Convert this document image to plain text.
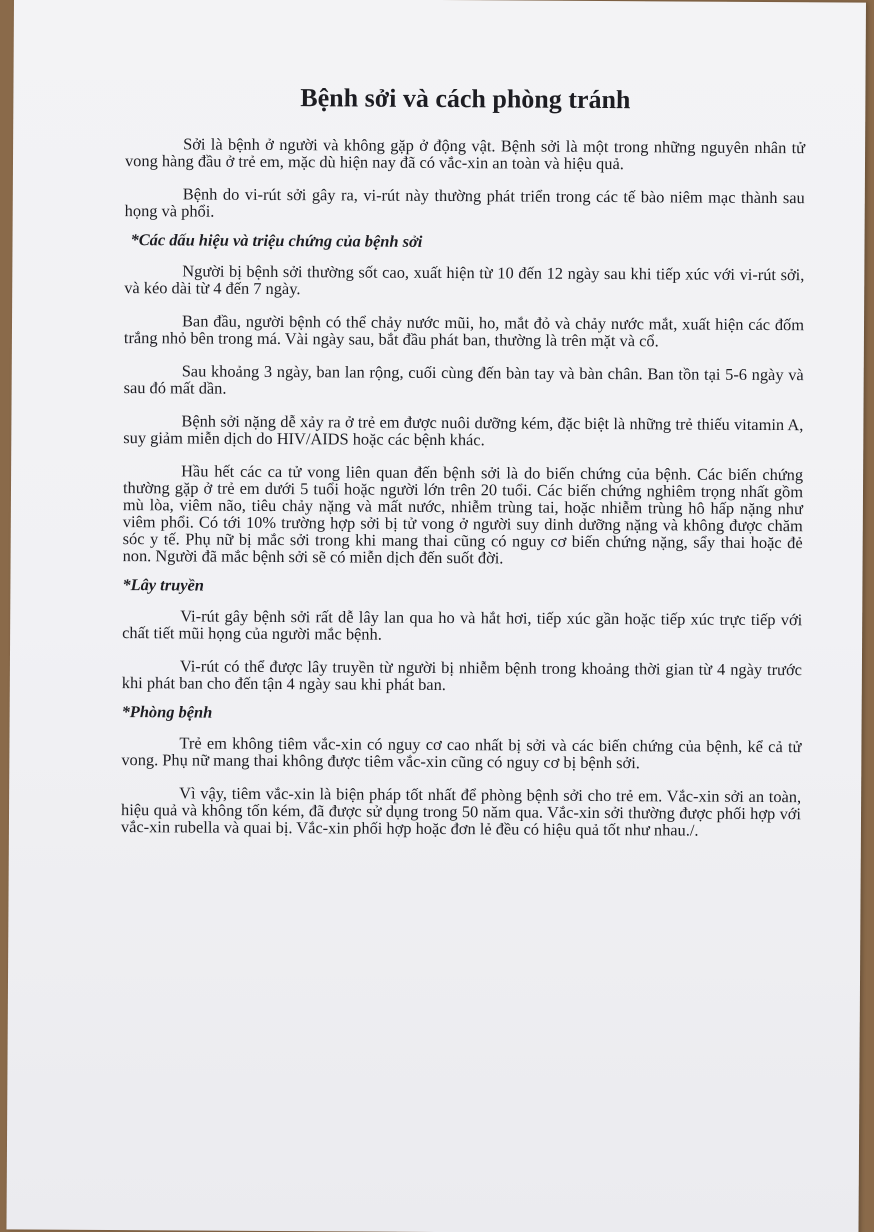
Bệnh sởi và cách phòng tránh

Sởi là bệnh ở người và không gặp ở động vật. Bệnh sởi là một trong những nguyên nhân tử vong hàng đầu ở trẻ em, mặc dù hiện nay đã có vắc-xin an toàn và hiệu quả.

Bệnh do vi-rút sởi gây ra, vi-rút này thường phát triển trong các tế bào niêm mạc thành sau họng và phổi.

*Các dấu hiệu và triệu chứng của bệnh sởi

Người bị bệnh sởi thường sốt cao, xuất hiện từ 10 đến 12 ngày sau khi tiếp xúc với vi-rút sởi, và kéo dài từ 4 đến 7 ngày.

Ban đầu, người bệnh có thể chảy nước mũi, ho, mắt đỏ và chảy nước mắt, xuất hiện các đốm trắng nhỏ bên trong má. Vài ngày sau, bắt đầu phát ban, thường là trên mặt và cổ.

Sau khoảng 3 ngày, ban lan rộng, cuối cùng đến bàn tay và bàn chân. Ban tồn tại 5-6 ngày và sau đó mất dần.

Bệnh sởi nặng dễ xảy ra ở trẻ em được nuôi dưỡng kém, đặc biệt là những trẻ thiếu vitamin A, suy giảm miễn dịch do HIV/AIDS hoặc các bệnh khác.

Hầu hết các ca tử vong liên quan đến bệnh sởi là do biến chứng của bệnh. Các biến chứng thường gặp ở trẻ em dưới 5 tuổi hoặc người lớn trên 20 tuổi. Các biến chứng nghiêm trọng nhất gồm mù lòa, viêm não, tiêu chảy nặng và mất nước, nhiễm trùng tai, hoặc nhiễm trùng hô hấp nặng như viêm phổi. Có tới 10% trường hợp sởi bị tử vong ở người suy dinh dưỡng nặng và không được chăm sóc y tế. Phụ nữ bị mắc sởi trong khi mang thai cũng có nguy cơ biến chứng nặng, sẩy thai hoặc đẻ non. Người đã mắc bệnh sởi sẽ có miễn dịch đến suốt đời.

*Lây truyền

Vi-rút gây bệnh sởi rất dễ lây lan qua ho và hắt hơi, tiếp xúc gần hoặc tiếp xúc trực tiếp với chất tiết mũi họng của người mắc bệnh.

Vi-rút có thể được lây truyền từ người bị nhiễm bệnh trong khoảng thời gian từ 4 ngày trước khi phát ban cho đến tận 4 ngày sau khi phát ban.

*Phòng bệnh

Trẻ em không tiêm vắc-xin có nguy cơ cao nhất bị sởi và các biến chứng của bệnh, kể cả tử vong. Phụ nữ mang thai không được tiêm vắc-xin cũng có nguy cơ bị bệnh sởi.

Vì vậy, tiêm vắc-xin là biện pháp tốt nhất để phòng bệnh sởi cho trẻ em. Vắc-xin sởi an toàn, hiệu quả và không tốn kém, đã được sử dụng trong 50 năm qua. Vắc-xin sởi thường được phối hợp với vắc-xin rubella và quai bị. Vắc-xin phối hợp hoặc đơn lẻ đều có hiệu quả tốt như nhau./.
